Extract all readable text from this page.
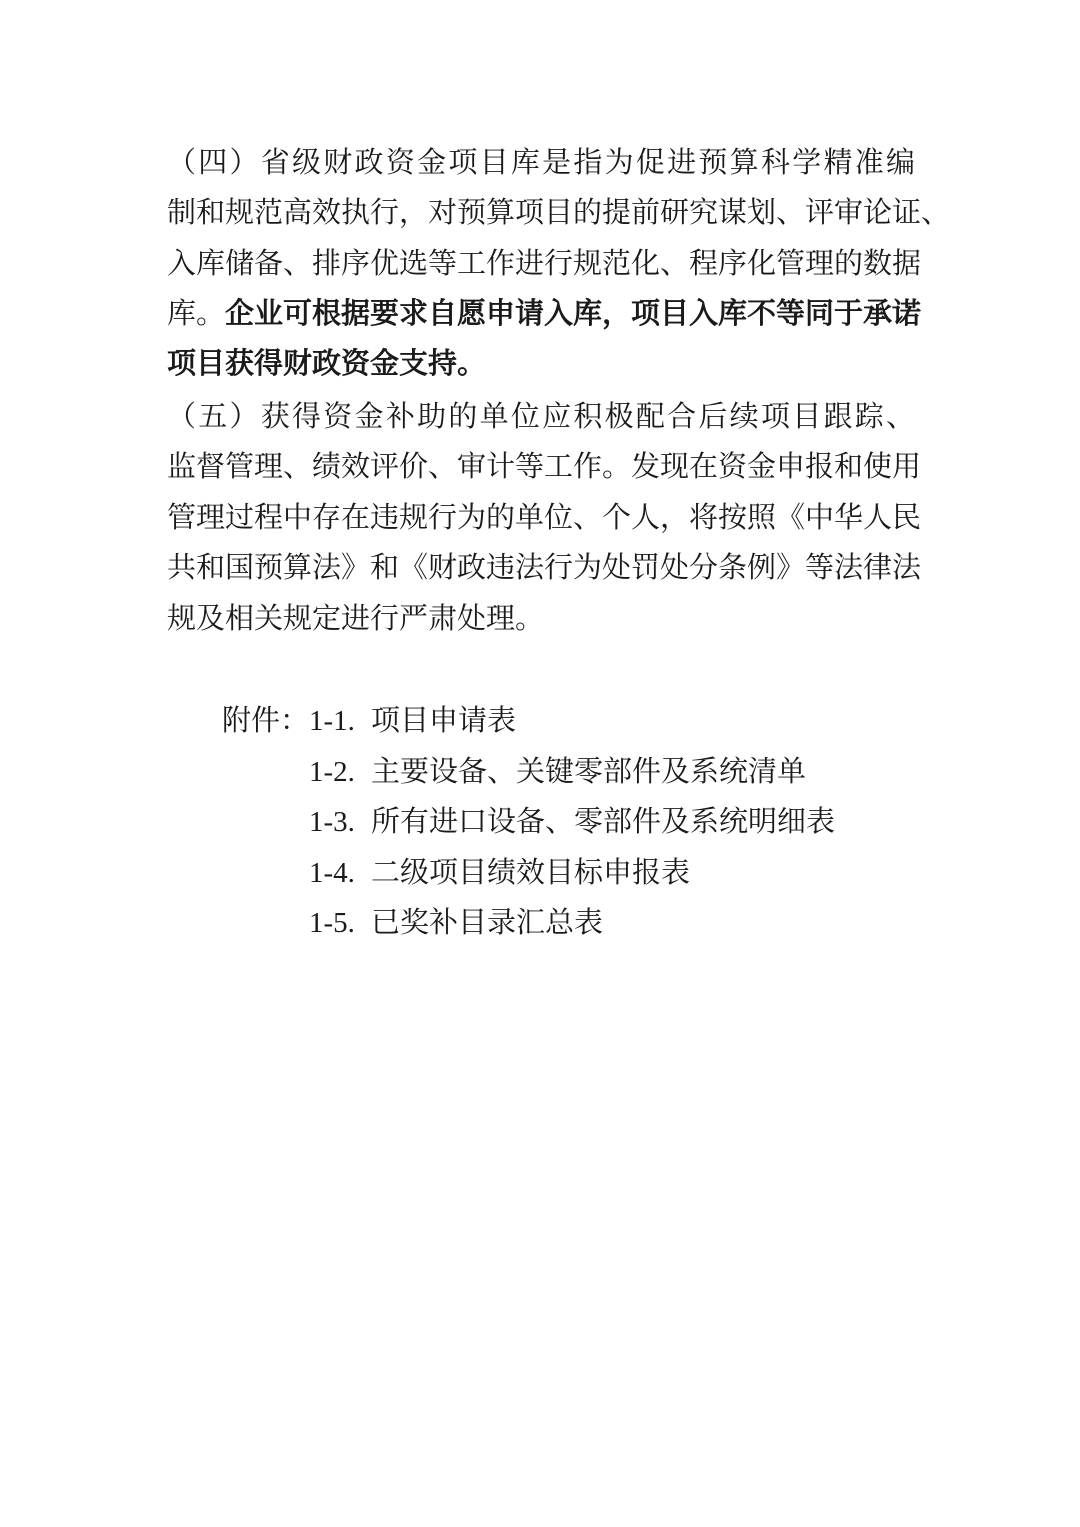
（四）省级财政资金项目库是指为促进预算科学精准编
制和规范高效执行，对预算项目的提前研究谋划、评审论证、
入库储备、排序优选等工作进行规范化、程序化管理的数据
库。企业可根据要求自愿申请入库，项目入库不等同于承诺
项目获得财政资金支持。
（五）获得资金补助的单位应积极配合后续项目跟踪、
监督管理、绩效评价、审计等工作。发现在资金申报和使用
管理过程中存在违规行为的单位、个人，将按照《中华人民
共和国预算法》和《财政违法行为处罚处分条例》等法律法
规及相关规定进行严肃处理。
附件：1-1. 项目申请表
1-2. 主要设备、关键零部件及系统清单
1-3. 所有进口设备、零部件及系统明细表
1-4. 二级项目绩效目标申报表
1-5. 已奖补目录汇总表
